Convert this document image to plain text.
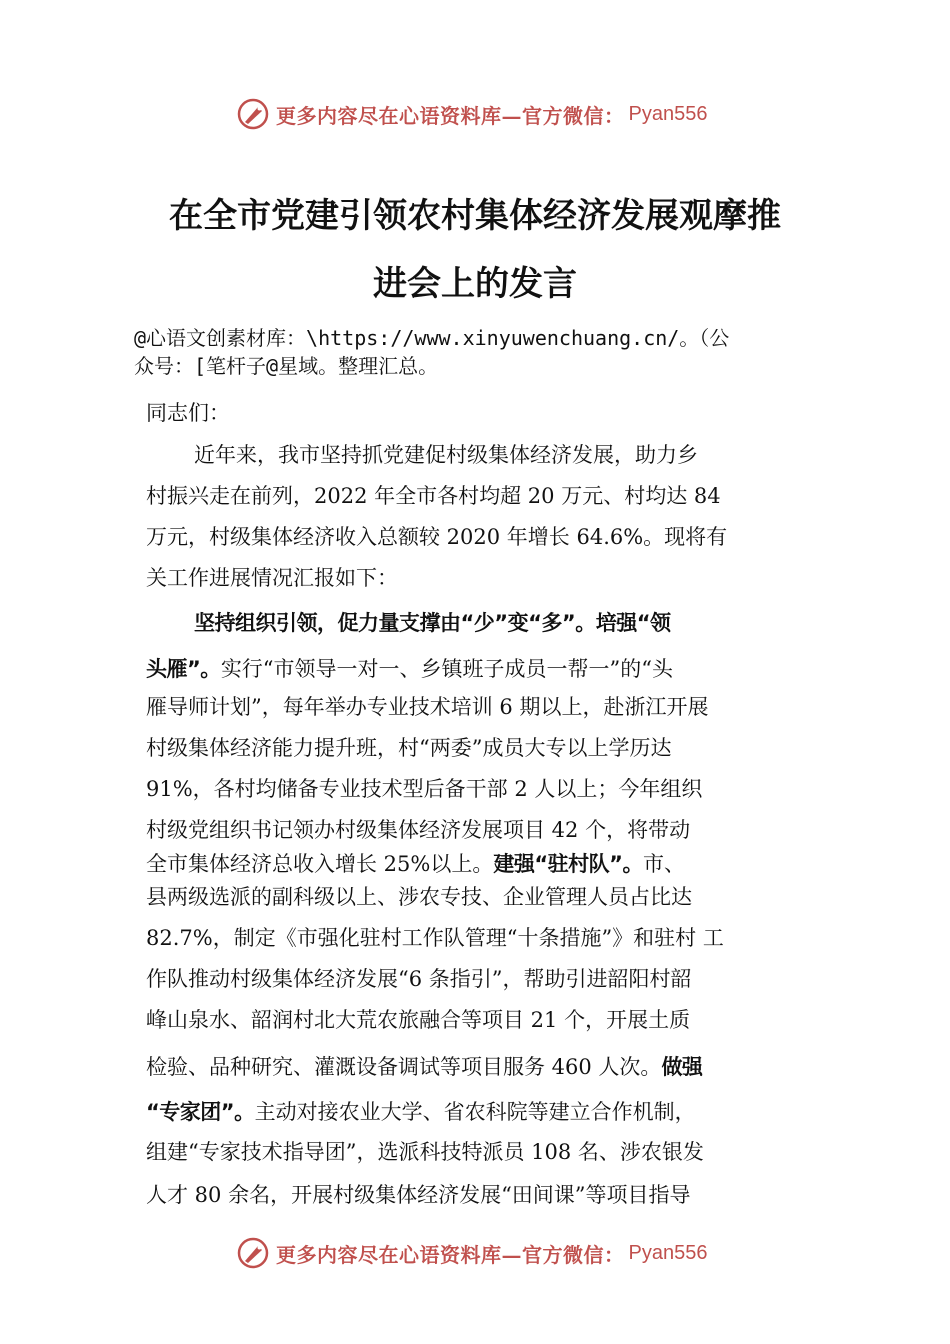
更多内容尽在心语资料库—官方微信： Pyan556
在全市党建引领农村集体经济发展观摩推
进会上的发言
@心语文创素材库：\https://www.xinyuwenchuang.cn/。（公
众号：[笔杆子@星域。整理汇总。
同志们：
近年来，我市坚持抓党建促村级集体经济发展，助力乡
村振兴走在前列，2022 年全市各村均超 20 万元、村均达 84
万元，村级集体经济收入总额较 2020 年增长 64.6%。现将有
关工作进展情况汇报如下：
坚持组织引领，促力量支撑由“少”变“多”。培强“领
头雁”。实行“市领导一对一、乡镇班子成员一帮一”的“头
雁导师计划”，每年举办专业技术培训 6 期以上，赴浙江开展
村级集体经济能力提升班，村“两委”成员大专以上学历达
91%，各村均储备专业技术型后备干部 2 人以上；今年组织
村级党组织书记领办村级集体经济发展项目 42 个，将带动
全市集体经济总收入增长 25%以上。建强“驻村队”。市、
县两级选派的副科级以上、涉农专技、企业管理人员占比达
82.7%，制定《市强化驻村工作队管理“十条措施”》和驻村 工
作队推动村级集体经济发展“6 条指引”，帮助引进韶阳村韶
峰山泉水、韶润村北大荒农旅融合等项目 21 个，开展土质
检验、品种研究、灌溉设备调试等项目服务 460 人次。做强
“专家团”。主动对接农业大学、省农科院等建立合作机制，
组建“专家技术指导团”，选派科技特派员 108 名、涉农银发
人才 80 余名，开展村级集体经济发展“田间课”等项目指导
更多内容尽在心语资料库—官方微信： Pyan556
